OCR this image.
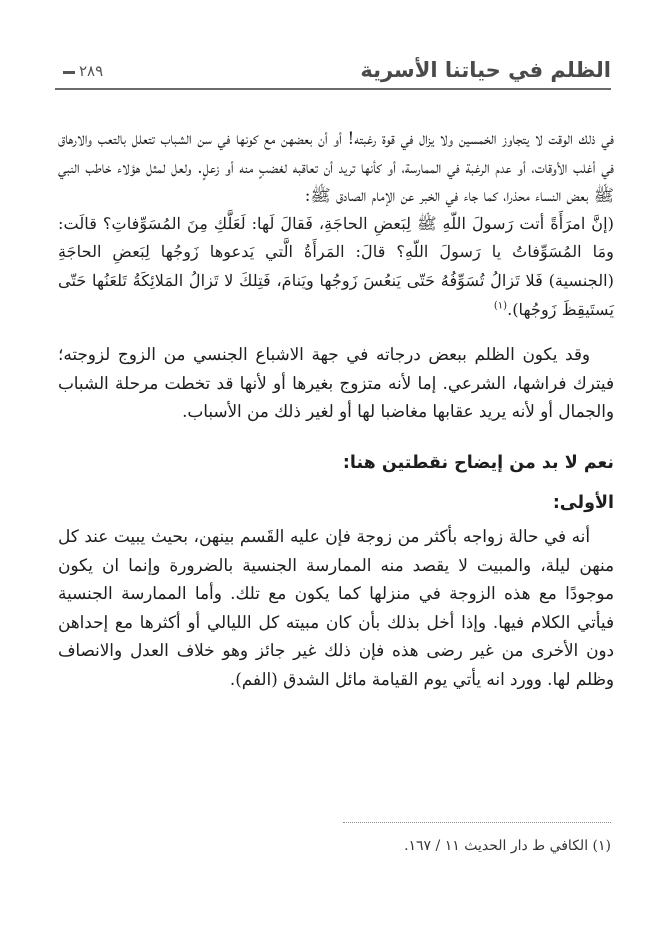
الظلم في حياتنا الأسرية
٢٨٩

في ذلك الوقت لا يتجاوز الخمسين ولا يزال في قوة رغبته! أو أن بعضهن مع كونها في سن الشباب تتعلل بالتعب والارهاق في أغلب الأوقات، أو عدم الرغبة في الممارسة، أو كأنها تريد أن تعاقبه لغضبٍ منه أو زعلٍ. ولعل لمثل هؤلاء خاطب النبي ﷺ بعض النساء محذرا، كما جاء في الخبر عن الإمام الصادق ﷺ:

(إنَّ امرَأَةً أتت رَسولَ اللّهِ ﷺ لِبَعضِ الحاجَةِ، فَقالَ لَها: لَعَلَّكِ مِنَ المُسَوِّفاتِ؟ قالَت: ومَا المُسَوِّفاتُ يا رَسولَ اللّهِ؟ قالَ: المَرأَةُ الَّتي يَدعوها زَوجُها لِبَعضِ الحاجَةِ (الجنسية) فَلا تَزالُ تُسَوِّفُهُ حَتّى يَنعُسَ زَوجُها ويَنامَ، فَتِلكَ لا تَزالُ المَلائِكَةُ تَلعَنُها حَتّى يَستَيقِظَ زَوجُها).$^{(١)}$

وقد يكون الظلم ببعض درجاته في جهة الاشباع الجنسي من الزوج لزوجته؛ فيترك فراشها، الشرعي. إما لأنه متزوج بغيرها أو لأنها قد تخطت مرحلة الشباب والجمال أو لأنه يريد عقابها مغاضبا لها أو لغير ذلك من الأسباب.

نعم لا بد من إيضاح نقطتين هنا:
الأولى:

أنه في حالة زواجه بأكثر من زوجة فإن عليه القَسم بينهن، بحيث يبيت عند كل منهن ليلة، والمبيت لا يقصد منه الممارسة الجنسية بالضرورة وإنما ان يكون موجودًا مع هذه الزوجة في منزلها كما يكون مع تلك. وأما الممارسة الجنسية فيأتي الكلام فيها. وإذا أخل بذلك بأن كان مبيته كل الليالي أو أكثرها مع إحداهن دون الأخرى من غير رضى هذه فإن ذلك غير جائز وهو خلاف العدل والانصاف وظلم لها. وورد انه يأتي يوم القيامة مائل الشدق (الفم).

(١) الكافي ط دار الحديث ١١ / ١٦٧.
